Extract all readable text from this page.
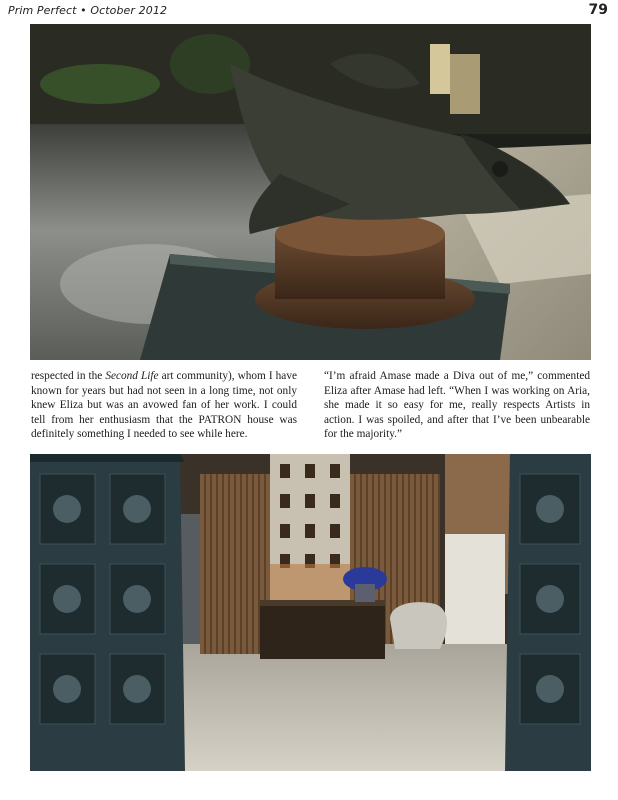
Prim Perfect • October 2012	79

respected in the Second Life art community), whom I have known for years but had not seen in a long time, not only knew Eliza but was an avowed fan of her work. I could tell from her enthusiasm that the PATRON house was definitely something I needed to see while here.

“I’m afraid Amase made a Diva out of me,” commented Eliza after Amase had left. “When I was working on Aria, she made it so easy for me, really respects Artists in action. I was spoiled, and after that I’ve been unbearable for the majority.”
